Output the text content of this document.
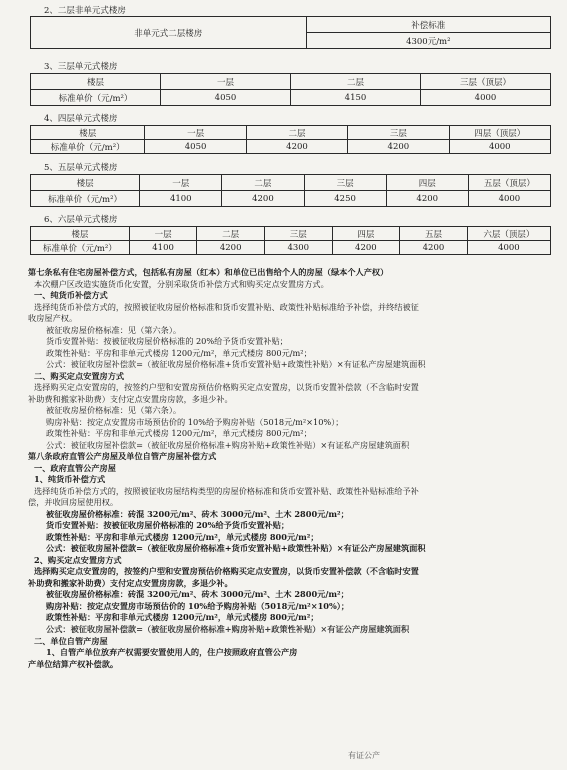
2、二层非单元式楼房
非单元式二层楼房	补偿标准
4300元/m²
3、三层单元式楼房
楼层	一层	二层	三层（顶层）
标准单价（元/m²）	4050	4150	4000
4、四层单元式楼房
楼层	一层	二层	三层	四层（顶层）
标准单价（元/m²）	4050	4200	4200	4000
5、五层单元式楼房
楼层	一层	二层	三层	四层	五层（顶层）
标准单价（元/m²）	4100	4200	4250	4200	4000
6、六层单元式楼房
楼层	一层	二层	三层	四层	五层	六层（顶层）
标准单价（元/m²）	4100	4200	4300	4200	4200	4000
第七条私有住宅房屋补偿方式，包括私有房屋（红本）和单位已出售给个人的房屋（绿本个人产权）
本次棚户区改造实施货币化安置，分别采取货币补偿方式和购买定点安置房方式。
一、纯货币补偿方式
选择纯货币补偿方式的，按照被征收房屋价格标准和货币安置补贴、政策性补贴标准给予补偿，并终结被征
收房屋产权。
被征收房屋价格标准：见（第六条）。
货币安置补贴：按被征收房屋价格标准的 20%给予货币安置补贴；
政策性补贴：平房和非单元式楼房 1200元/m²，单元式楼房 800元/m²；
公式：被征收房屋补偿款=（被征收房屋价格标准+货币安置补贴+政策性补贴）×有证私产房屋建筑面积
二、购买定点安置房方式
选择购买定点安置房的，按签约户型和安置房预估价格购买定点安置房，以货币安置补偿款（不含临时安置
补助费和搬家补助费）支付定点安置房房款，多退少补。
被征收房屋价格标准：见（第六条）。
购房补贴：按定点安置房市场预估价的 10%给予购房补贴（5018元/m²×10%）；
政策性补贴：平房和非单元式楼房 1200元/m²，单元式楼房 800元/m²；
公式：被征收房屋补偿款=（被征收房屋价格标准+购房补贴+政策性补贴）×有证私产房屋建筑面积
第八条政府直管公产房屋及单位自管产房屋补偿方式
一、政府直管公产房屋
1、纯货币补偿方式
选择纯货币补偿方式的，按照被征收房屋结构类型的房屋价格标准和货币安置补贴、政策性补贴标准给予补
偿，并收回房屋使用权。
被征收房屋价格标准：砖混 3200元/m²、砖木 3000元/m²、土木 2800元/m²；
货币安置补贴：按被征收房屋价格标准的 20%给予货币安置补贴；
政策性补贴：平房和非单元式楼房 1200元/m²，单元式楼房 800元/m²；
公式：被征收房屋补偿款=（被征收房屋价格标准+货币安置补贴+政策性补贴）×有证公产房屋建筑面积
2、购买定点安置房方式
选择购买定点安置房的，按签约户型和安置房预估价格购买定点安置房，以货币安置补偿款（不含临时安置
补助费和搬家补助费）支付定点安置房房款，多退少补。
被征收房屋价格标准：砖混 3200元/m²、砖木 3000元/m²、土木 2800元/m²；
购房补贴：按定点安置房市场预估价的 10%给予购房补贴（5018元/m²×10%）；
政策性补贴：平房和非单元式楼房 1200元/m²，单元式楼房 800元/m²；
公式：被征收房屋补偿款=（被征收房屋价格标准+购房补贴+政策性补贴）×有证公产房屋建筑面积
二、单位自管产房屋
1、自管产单位放弃产权需要安置使用人的，住户按照政府直管公产房
产单位结算产权补偿款。
有证公产
